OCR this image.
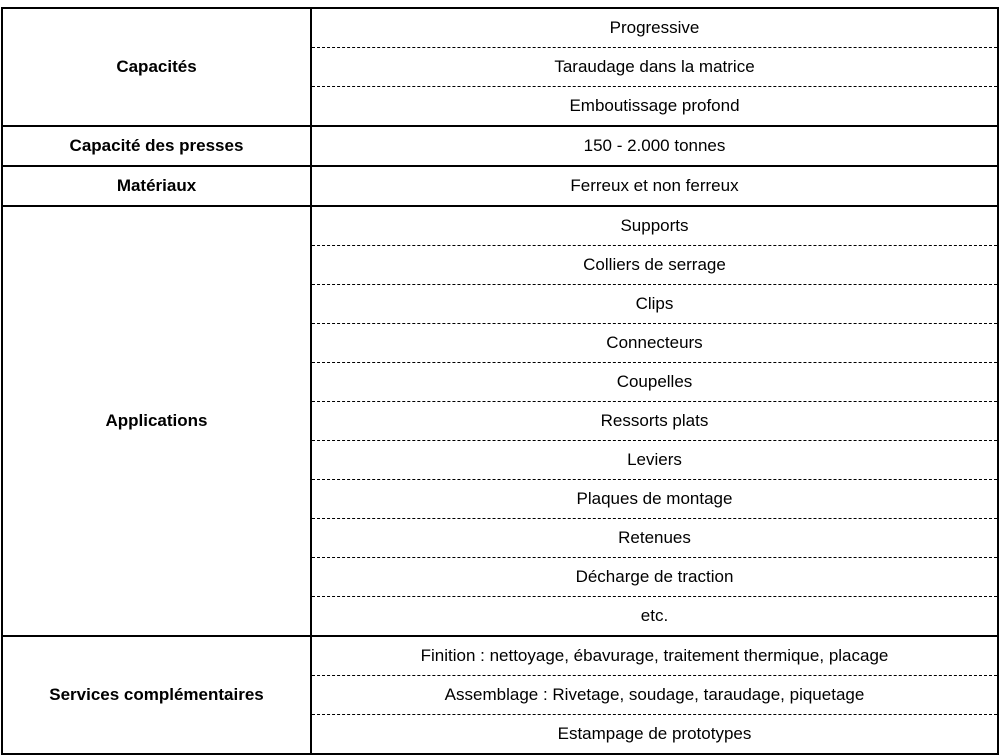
Capacités	Progressive
	Taraudage dans la matrice
	Emboutissage profond
Capacité des presses	150 - 2.000 tonnes
Matériaux	Ferreux et non ferreux
Applications	Supports
	Colliers de serrage
	Clips
	Connecteurs
	Coupelles
	Ressorts plats
	Leviers
	Plaques de montage
	Retenues
	Décharge de traction
	etc.
Services complémentaires	Finition : nettoyage, ébavurage, traitement thermique, placage
	Assemblage : Rivetage, soudage, taraudage, piquetage
	Estampage de prototypes
